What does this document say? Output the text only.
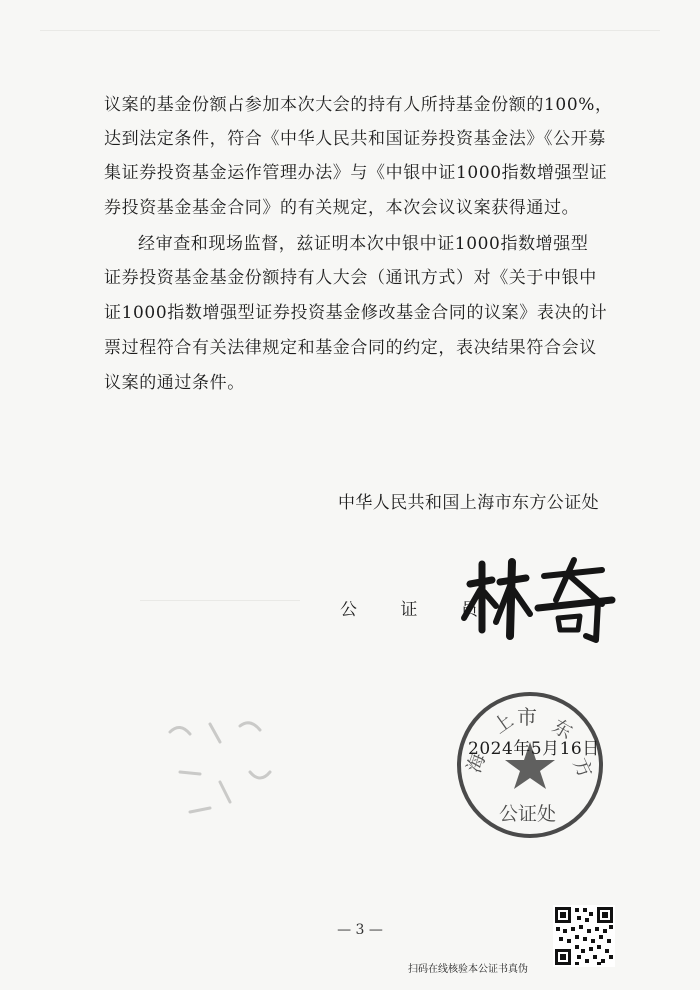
议案的基金份额占参加本次大会的持有人所持基金份额的100%，
达到法定条件，符合《中华人民共和国证券投资基金法》《公开募
集证券投资基金运作管理办法》与《中银中证1000指数增强型证
券投资基金基金合同》的有关规定，本次会议议案获得通过。
经审查和现场监督，兹证明本次中银中证1000指数增强型
证券投资基金基金份额持有人大会（通讯方式）对《关于中银中
证1000指数增强型证券投资基金修改基金合同的议案》表决的计
票过程符合有关法律规定和基金合同的约定，表决结果符合会议
议案的通过条件。
中华人民共和国上海市东方公证处
公 证 员
上
海
市 东
方
公证处
2024年5月16日
— 3 —
扫码在线核验本公证书真伪
